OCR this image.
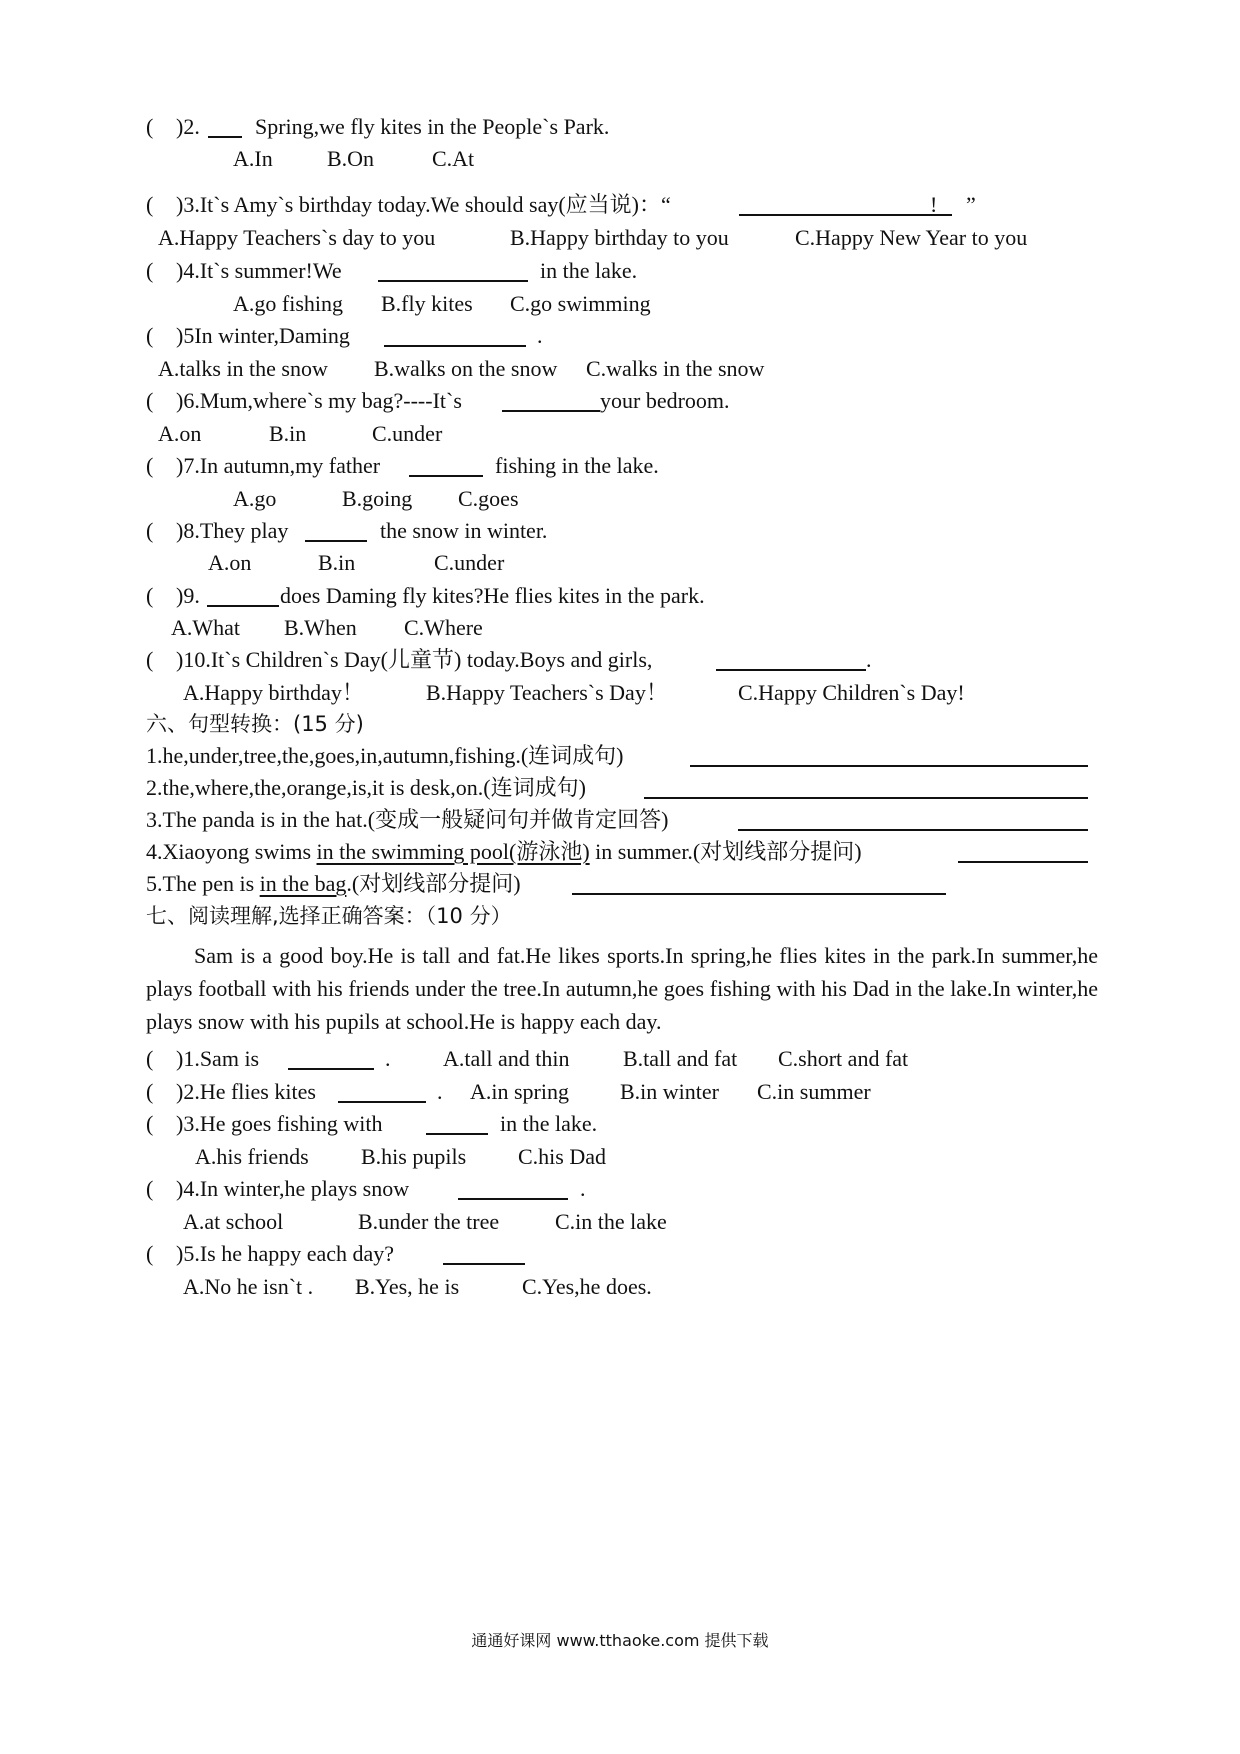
( )2.	Spring,we fly kites in the People`s Park.
A.In B.On	C.At
( )3.It`s Amy`s birthday today.We should say(应当说)：“	! ”
A.Happy Teachers`s day to you	B.Happy birthday to you	C.Happy New Year to you
( )4.It`s summer!We	in the lake.
A.go fishing B.fly kites C.go swimming
( )5In winter,Daming	.
A.talks in the snow B.walks on the snow C.walks in the snow
( )6.Mum,where`s my bag?----It`s	your bedroom.
A.on	B.in	C.under
( )7.In autumn,my father	fishing in the lake.
A.go	B.going C.goes
( )8.They play	the snow in winter.
A.on	B.in	C.under
( )9.	does Daming fly kites?He flies kites in the park.
A.What B.When C.Where
( )10.It`s Children`s Day(儿童节) today.Boys and girls,	.
A.Happy birthday！	B.Happy Teachers`s Day！	C.Happy Children`s Day!
六、句型转换：(15 分)
1.he,under,tree,the,goes,in,autumn,fishing.(连词成句)
2.the,where,the,orange,is,it is desk,on.(连词成句)
3.The panda is in the hat.(变成一般疑问句并做肯定回答)
4.Xiaoyong swims in the swimming pool(游泳池) in summer.(对划线部分提问)
5.The pen is in the bag.(对划线部分提问)
七、阅读理解,选择正确答案：（10 分）

Sam is a good boy.He is tall and fat.He likes sports.In spring,he flies kites in the park.In summer,he plays football with his friends under the tree.In autumn,he goes fishing with his Dad in the lake.In winter,he plays snow with his pupils at school.He is happy each day.

( )1.Sam is	. A.tall and thin B.tall and fat C.short and fat
( )2.He flies kites	. A.in spring B.in winter C.in summer
( )3.He goes fishing with	in the lake.
A.his friends B.his pupils C.his Dad
( )4.In winter,he plays snow	.
A.at school	B.under the tree	C.in the lake
( )5.Is he happy each day?
A.No he isn`t . B.Yes, he is	C.Yes,he does.
通通好课网 www.tthaoke.com 提供下载
